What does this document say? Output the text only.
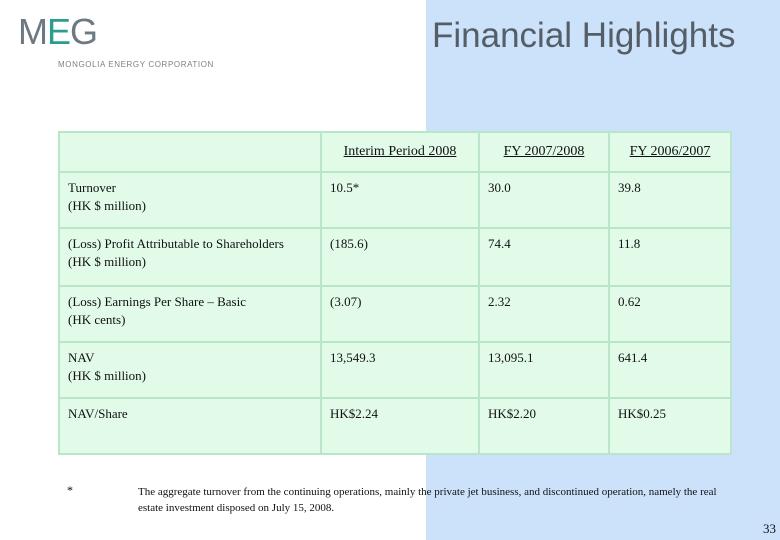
MEG
MONGOLIA ENERGY CORPORATION
Financial Highlights
	Interim Period 2008	FY 2007/2008	FY 2006/2007
Turnover
(HK $ million)	10.5*	30.0	39.8
(Loss) Profit Attributable to Shareholders
(HK $ million)	(185.6)	74.4	11.8
(Loss) Earnings Per Share – Basic
(HK cents)	(3.07)	2.32	0.62
NAV
(HK $ million)	13,549.3	13,095.1	641.4
NAV/Share	HK$2.24	HK$2.20	HK$0.25
*	The aggregate turnover from the continuing operations, mainly the private jet business, and discontinued operation, namely the real estate investment disposed on July 15, 2008.
33
